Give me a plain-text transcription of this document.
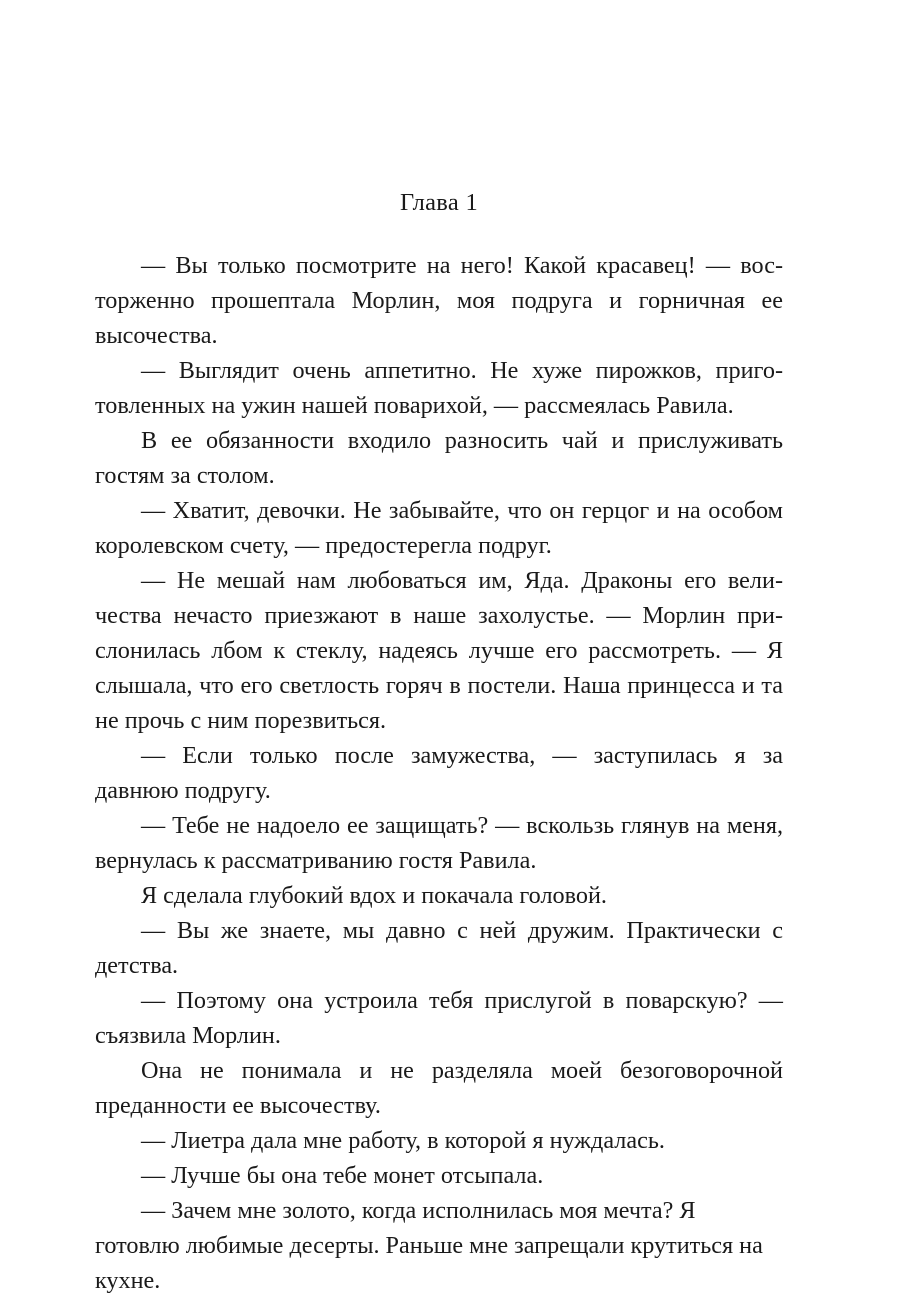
Глава 1

— Вы только посмотрите на него! Какой красавец! — восторженно прошептала Морлин, моя подруга и горничная ее высочества.

— Выглядит очень аппетитно. Не хуже пирожков, приготовленных на ужин нашей поварихой, — рассмеялась Равила.

В ее обязанности входило разносить чай и прислуживать гостям за столом.

— Хватит, девочки. Не забывайте, что он герцог и на особом королевском счету, — предостерегла подруг.

— Не мешай нам любоваться им, Яда. Драконы его величества нечасто приезжают в наше захолустье. — Морлин прислонилась лбом к стеклу, надеясь лучше его рассмотреть. — Я слышала, что его светлость горяч в постели. Наша принцесса и та не прочь с ним порезвиться.

— Если только после замужества, — заступилась я за давнюю подругу.

— Тебе не надоело ее защищать? — вскользь глянув на меня, вернулась к рассматриванию гостя Равила.

Я сделала глубокий вдох и покачала головой.

— Вы же знаете, мы давно с ней дружим. Практически с детства.

— Поэтому она устроила тебя прислугой в поварскую? — съязвила Морлин.

Она не понимала и не разделяла моей безоговорочной преданности ее высочеству.

— Лиетра дала мне работу, в которой я нуждалась.

— Лучше бы она тебе монет отсыпала.

— Зачем мне золото, когда исполнилась моя мечта? Я готовлю любимые десерты. Раньше мне запрещали крутиться на кухне.
